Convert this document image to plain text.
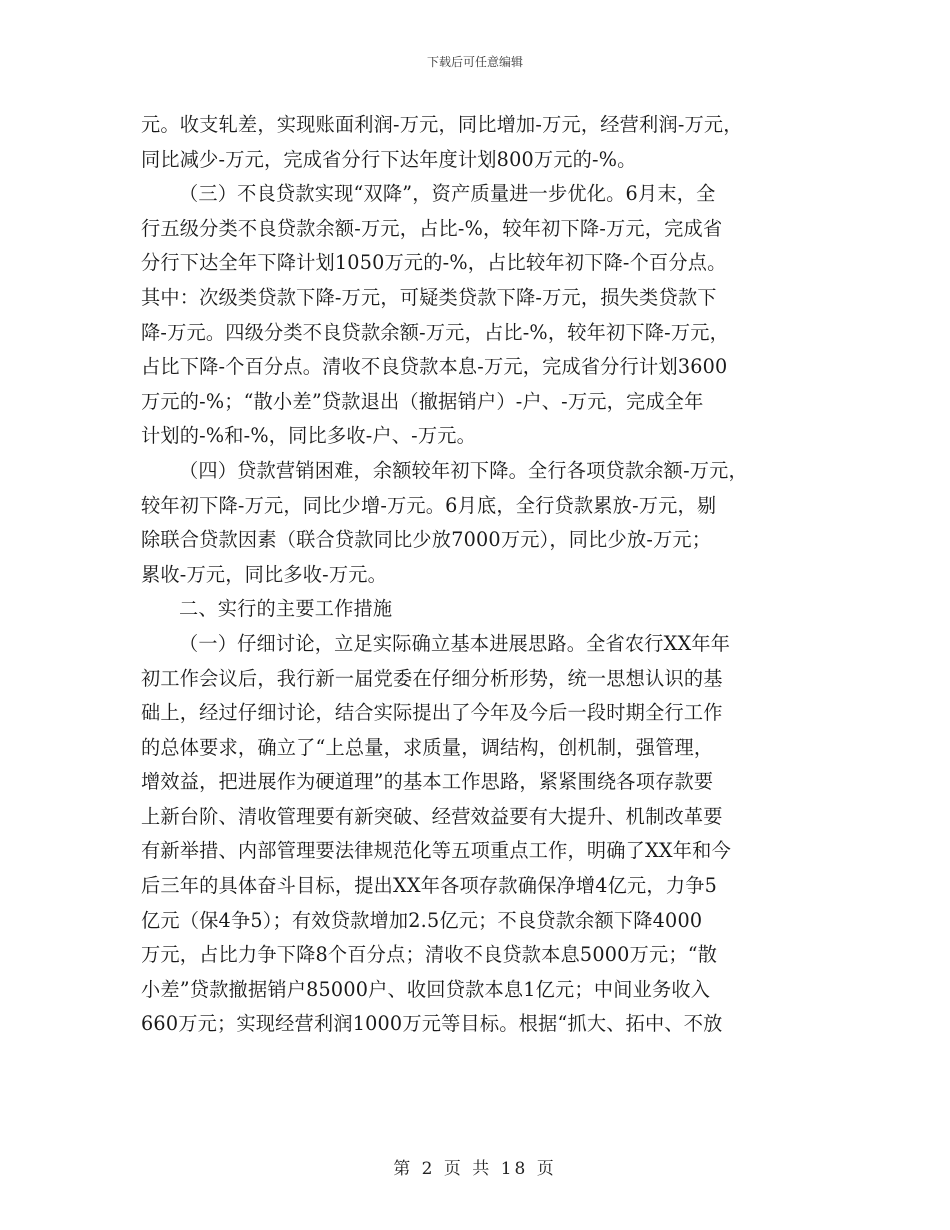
下载后可任意编辑
元。收支轧差，实现账面利润-万元，同比增加-万元，经营利润-万元，
同比减少-万元，完成省分行下达年度计划800万元的-%。
（三）不良贷款实现“双降”，资产质量进一步优化。6月末，全
行五级分类不良贷款余额-万元，占比-%，较年初下降-万元，完成省
分行下达全年下降计划1050万元的-%，占比较年初下降-个百分点。
其中：次级类贷款下降-万元，可疑类贷款下降-万元，损失类贷款下
降-万元。四级分类不良贷款余额-万元，占比-%，较年初下降-万元，
占比下降-个百分点。清收不良贷款本息-万元，完成省分行计划3600
万元的-%；“散小差”贷款退出（撤据销户）-户、-万元，完成全年
计划的-%和-%，同比多收-户、-万元。
（四）贷款营销困难，余额较年初下降。全行各项贷款余额-万元，
较年初下降-万元，同比少增-万元。6月底，全行贷款累放-万元，剔
除联合贷款因素（联合贷款同比少放7000万元），同比少放-万元；
累收-万元，同比多收-万元。
二、实行的主要工作措施
（一）仔细讨论，立足实际确立基本进展思路。全省农行XX年年
初工作会议后，我行新一届党委在仔细分析形势，统一思想认识的基
础上，经过仔细讨论，结合实际提出了今年及今后一段时期全行工作
的总体要求，确立了“上总量，求质量，调结构，创机制，强管理，
增效益，把进展作为硬道理”的基本工作思路，紧紧围绕各项存款要
上新台阶、清收管理要有新突破、经营效益要有大提升、机制改革要
有新举措、内部管理要法律规范化等五项重点工作，明确了XX年和今
后三年的具体奋斗目标，提出XX年各项存款确保净增4亿元，力争5
亿元（保4争5）；有效贷款增加2.5亿元；不良贷款余额下降4000
万元，占比力争下降8个百分点；清收不良贷款本息5000万元；“散
小差”贷款撤据销户85000户、收回贷款本息1亿元；中间业务收入
660万元；实现经营利润1000万元等目标。根据“抓大、拓中、不放
第 2 页 共 18 页
